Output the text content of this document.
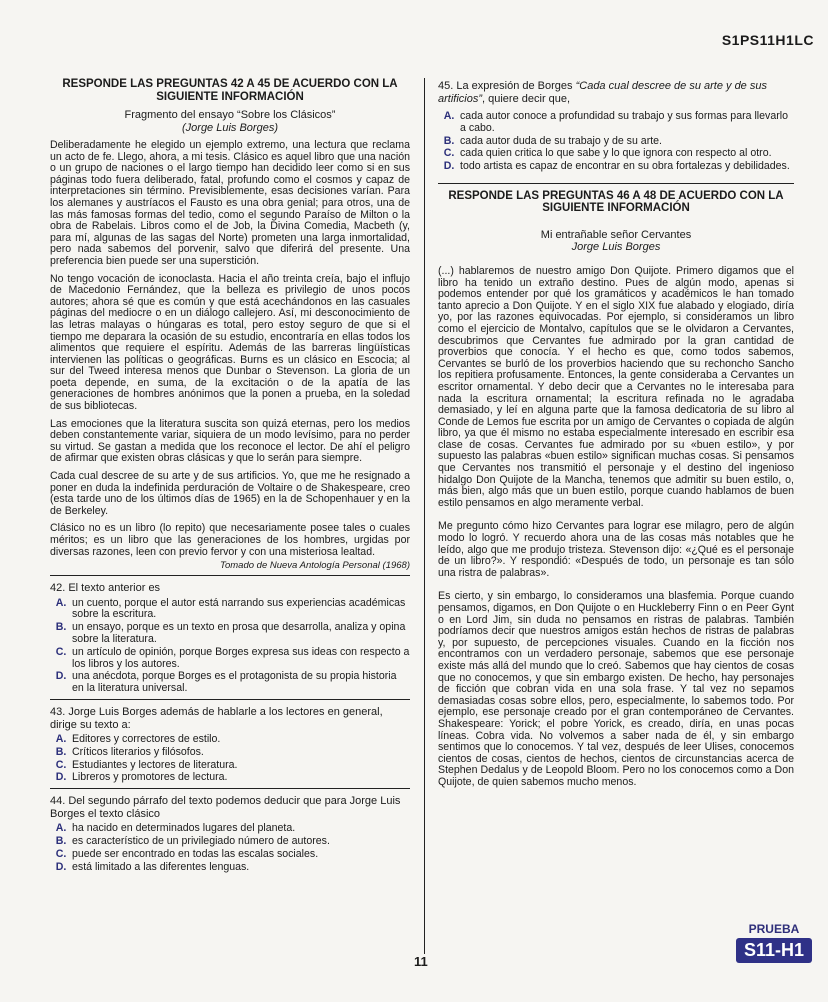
S1PS11H1LC
RESPONDE LAS PREGUNTAS 42 A 45 DE ACUERDO CON LA SIGUIENTE INFORMACIÓN
Fragmento del ensayo “Sobre los Clásicos”
(Jorge Luis Borges)

Deliberadamente he elegido un ejemplo extremo, una lectura que reclama un acto de fe. Llego, ahora, a mi tesis. Clásico es aquel libro que una nación o un grupo de naciones o el largo tiempo han decidido leer como si en sus páginas todo fuera deliberado, fatal, profundo como el cosmos y capaz de interpretaciones sin término. Previsiblemente, esas decisiones varían. Para los alemanes y austríacos el Fausto es una obra genial; para otros, una de las más famosas formas del tedio, como el segundo Paraíso de Milton o la obra de Rabelais. Libros como el de Job, la Divina Comedia, Macbeth (y, para mí, algunas de las sagas del Norte) prometen una larga inmortalidad, pero nada sabemos del porvenir, salvo que diferirá del presente. Una preferencia bien puede ser una superstición.

No tengo vocación de iconoclasta. Hacia el año treinta creía, bajo el influjo de Macedonio Fernández, que la belleza es privilegio de unos pocos autores; ahora sé que es común y que está acechándonos en las casuales páginas del mediocre o en un diálogo callejero. Así, mi desconocimiento de las letras malayas o húngaras es total, pero estoy seguro de que si el tiempo me deparara la ocasión de su estudio, encontraría en ellas todos los alimentos que requiere el espíritu. Además de las barreras lingüísticas intervienen las políticas o geográficas. Burns es un clásico en Escocia; al sur del Tweed interesa menos que Dunbar o Stevenson. La gloria de un poeta depende, en suma, de la excitación o de la apatía de las generaciones de hombres anónimos que la ponen a prueba, en la soledad de sus bibliotecas.

Las emociones que la literatura suscita son quizá eternas, pero los medios deben constantemente variar, siquiera de un modo levísimo, para no perder su virtud. Se gastan a medida que los reconoce el lector. De ahí el peligro de afirmar que existen obras clásicas y que lo serán para siempre.

Cada cual descree de su arte y de sus artificios. Yo, que me he resignado a poner en duda la indefinida perduración de Voltaire o de Shakespeare, creo (esta tarde uno de los últimos días de 1965) en la de Schopenhauer y en la de Berkeley.

Clásico no es un libro (lo repito) que necesariamente posee tales o cuales méritos; es un libro que las generaciones de los hombres, urgidas por diversas razones, leen con previo fervor y con una misteriosa lealtad.

Tomado de Nueva Antología Personal (1968)
42. El texto anterior es
A. un cuento, porque el autor está narrando sus experiencias académicas sobre la escritura.
B. un ensayo, porque es un texto en prosa que desarrolla, analiza y opina sobre la literatura.
C. un artículo de opinión, porque Borges expresa sus ideas con respecto a los libros y los autores.
D. una anécdota, porque Borges es el protagonista de su propia historia en la literatura universal.
43. Jorge Luis Borges además de hablarle a los lectores en general, dirige su texto a:
A. Editores y correctores de estilo.
B. Críticos literarios y filósofos.
C. Estudiantes y lectores de literatura.
D. Libreros y promotores de lectura.
44. Del segundo párrafo del texto podemos deducir que para Jorge Luis Borges el texto clásico
A. ha nacido en determinados lugares del planeta.
B. es característico de un privilegiado número de autores.
C. puede ser encontrado en todas las escalas sociales.
D. está limitado a las diferentes lenguas.
45. La expresión de Borges “Cada cual descree de su arte y de sus artificios”, quiere decir que,
A. cada autor conoce a profundidad su trabajo y sus formas para llevarlo a cabo.
B. cada autor duda de su trabajo y de su arte.
C. cada quien critica lo que sabe y lo que ignora con respecto al otro.
D. todo artista es capaz de encontrar en su obra fortalezas y debilidades.
RESPONDE LAS PREGUNTAS 46 A 48 DE ACUERDO CON LA SIGUIENTE INFORMACIÓN
Mi entrañable señor Cervantes
Jorge Luis Borges

(...) hablaremos de nuestro amigo Don Quijote. Primero digamos que el libro ha tenido un extraño destino. Pues de algún modo, apenas si podemos entender por qué los gramáticos y académicos le han tomado tanto aprecio a Don Quijote. Y en el siglo XIX fue alabado y elogiado, diría yo, por las razones equivocadas. Por ejemplo, si consideramos un libro como el ejercicio de Montalvo, capítulos que se le olvidaron a Cervantes, descubrimos que Cervantes fue admirado por la gran cantidad de proverbios que conocía. Y el hecho es que, como todos sabemos, Cervantes se burló de los proverbios haciendo que su rechoncho Sancho los repitiera profusamente. Entonces, la gente consideraba a Cervantes un escritor ornamental. Y debo decir que a Cervantes no le interesaba para nada la escritura ornamental; la escritura refinada no le agradaba demasiado, y leí en alguna parte que la famosa dedicatoria de su libro al Conde de Lemos fue escrita por un amigo de Cervantes o copiada de algún libro, ya que él mismo no estaba especialmente interesado en escribir esa clase de cosas. Cervantes fue admirado por su «buen estilo», y por supuesto las palabras «buen estilo» significan muchas cosas. Si pensamos que Cervantes nos transmitió el personaje y el destino del ingenioso hidalgo Don Quijote de la Mancha, tenemos que admitir su buen estilo, o, más bien, algo más que un buen estilo, porque cuando hablamos de buen estilo pensamos en algo meramente verbal.

Me pregunto cómo hizo Cervantes para lograr ese milagro, pero de algún modo lo logró. Y recuerdo ahora una de las cosas más notables que he leído, algo que me produjo tristeza. Stevenson dijo: «¿Qué es el personaje de un libro?». Y respondió: «Después de todo, un personaje es tan sólo una ristra de palabras».

Es cierto, y sin embargo, lo consideramos una blasfemia. Porque cuando pensamos, digamos, en Don Quijote o en Huckleberry Finn o en Peer Gynt o en Lord Jim, sin duda no pensamos en ristras de palabras. También podríamos decir que nuestros amigos están hechos de ristras de palabras y, por supuesto, de percepciones visuales. Cuando en la ficción nos encontramos con un verdadero personaje, sabemos que ese personaje existe más allá del mundo que lo creó. Sabemos que hay cientos de cosas que no conocemos, y que sin embargo existen. De hecho, hay personajes de ficción que cobran vida en una sola frase. Y tal vez no sepamos demasiadas cosas sobre ellos, pero, especialmente, lo sabemos todo. Por ejemplo, ese personaje creado por el gran contemporáneo de Cervantes. Shakespeare: Yorick; el pobre Yorick, es creado, diría, en unas pocas líneas. Cobra vida. No volvemos a saber nada de él, y sin embargo sentimos que lo conocemos. Y tal vez, después de leer Ulises, conocemos cientos de cosas, cientos de hechos, cientos de circunstancias acerca de Stephen Dedalus y de Leopold Bloom. Pero no los conocemos como a Don Quijote, de quien sabemos mucho menos.

11
PRUEBA
S11-H1
